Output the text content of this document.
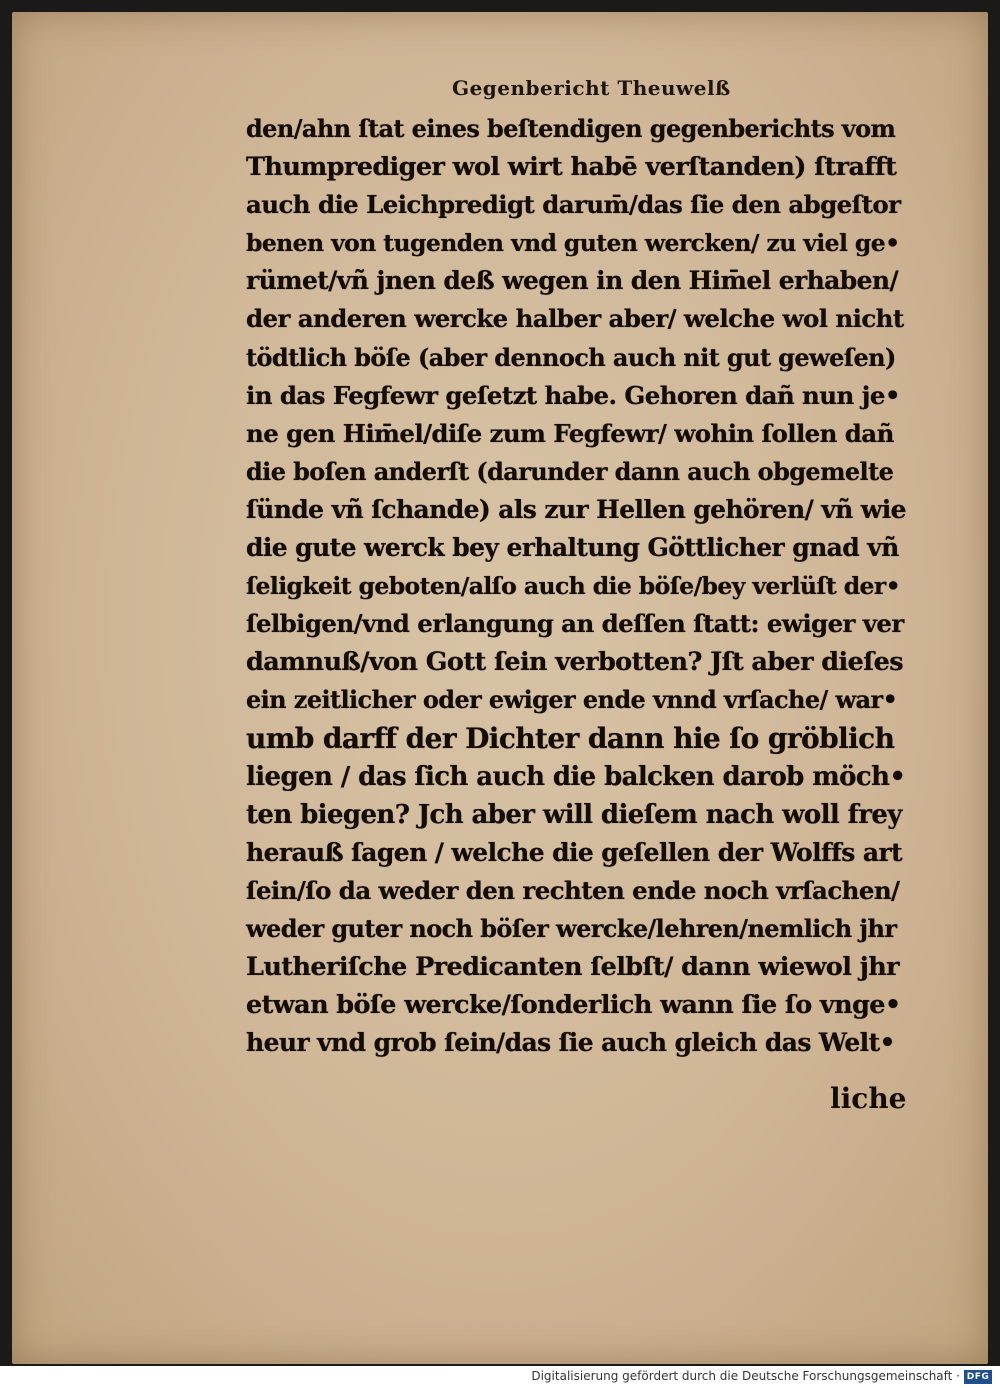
Gegenbericht Theuwelß
den/ahn ſtat eines beſtendigen gegenberichts vom
Thumprediger wol wirt habē verſtanden) ſtrafft
auch die Leichpredigt darum̄/das ſie den abgeſtor
benen von tugenden vnd guten wercken/ zu viel ge•
rümet/vñ jnen deß wegen in den Him̄el erhaben/
der anderen wercke halber aber/ welche wol nicht
tödtlich böſe (aber dennoch auch nit gut geweſen)
in das Fegfewr geſetzt habe. Gehoren dañ nun je•
ne gen Him̄el/diſe zum Fegfewr/ wohin ſollen dañ
die boſen anderſt (darunder dann auch obgemelte
ſünde vñ ſchande) als zur Hellen gehören/ vñ wie
die gute werck bey erhaltung Göttlicher gnad vñ
ſeligkeit geboten/alſo auch die böſe/bey verlüſt der•
ſelbigen/vnd erlangung an deſſen ſtatt: ewiger ver
damnuß/von Gott ſein verbotten? Jſt aber dieſes
ein zeitlicher oder ewiger ende vnnd vrſache/ war•
umb darff der Dichter dann hie ſo gröblich
liegen / das ſich auch die balcken darob möch•
ten biegen? Jch aber will dieſem nach woll frey
herauß ſagen / welche die geſellen der Wolffs art
ſein/ſo da weder den rechten ende noch vrſachen/
weder guter noch böſer wercke/lehren/nemlich jhr
Lutheriſche Predicanten ſelbſt/ dann wiewol jhr
etwan böſe wercke/ſonderlich wann ſie ſo vnge•
heur vnd grob ſein/das ſie auch gleich das Welt•
liche
Digitalisierung gefördert durch die Deutsche Forschungsgemeinschaft · DFG
